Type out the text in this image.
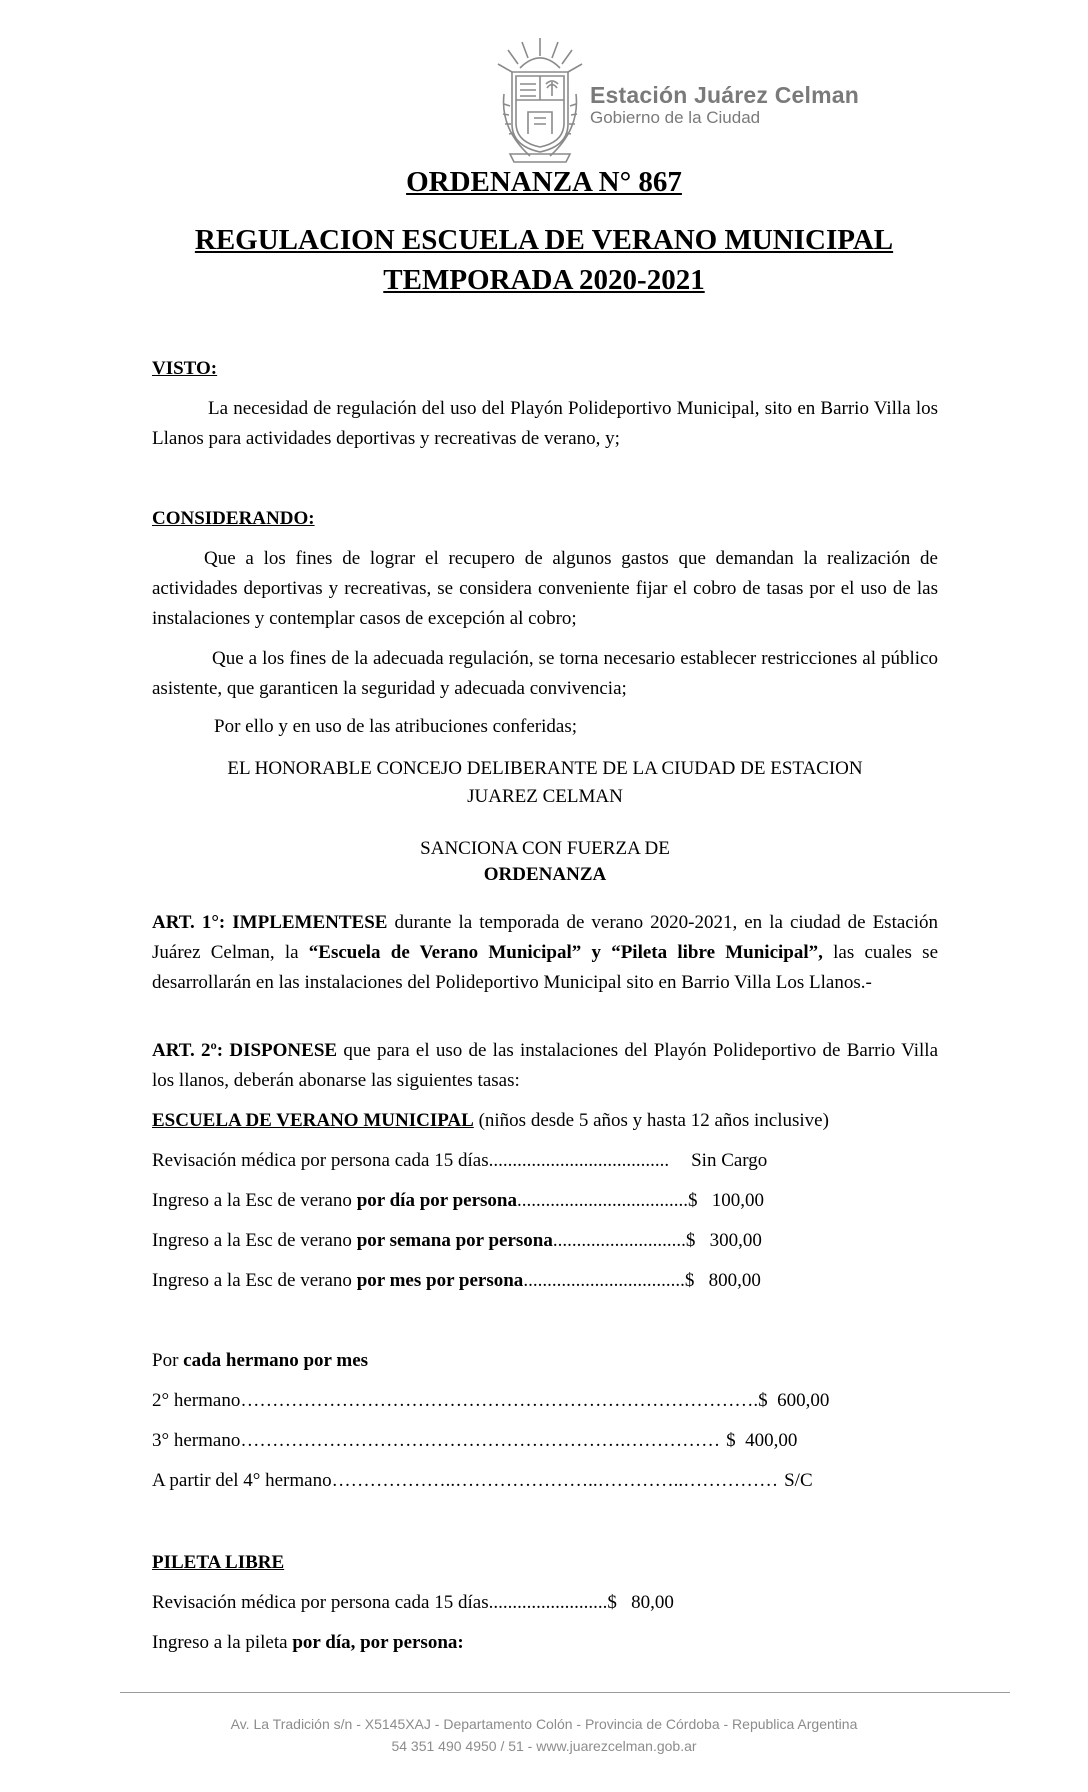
Estación Juárez Celman
Gobierno de la Ciudad
ORDENANZA N° 867
REGULACION ESCUELA DE VERANO MUNICIPAL
TEMPORADA 2020-2021
VISTO:
La necesidad de regulación del uso del Playón Polideportivo Municipal, sito en Barrio Villa los Llanos para actividades deportivas y recreativas de verano, y;
CONSIDERANDO:
Que a los fines de lograr el recupero de algunos gastos que demandan la realización de actividades deportivas y recreativas, se considera conveniente fijar el cobro de tasas por el uso de las instalaciones y contemplar casos de excepción al cobro;
Que a los fines de la adecuada regulación, se torna necesario establecer restricciones al público asistente, que garanticen la seguridad y adecuada convivencia;
Por ello y en uso de las atribuciones conferidas;
EL HONORABLE CONCEJO DELIBERANTE DE LA CIUDAD DE ESTACION
JUAREZ CELMAN
SANCIONA CON FUERZA DE
ORDENANZA
ART. 1°: IMPLEMENTESE durante la temporada de verano 2020-2021, en la ciudad de Estación Juárez Celman, la “Escuela de Verano Municipal” y “Pileta libre Municipal”, las cuales se desarrollarán en las instalaciones del Polideportivo Municipal sito en Barrio Villa Los Llanos.-
ART. 2º: DISPONESE que para el uso de las instalaciones del Playón Polideportivo de Barrio Villa los llanos, deberán abonarse las siguientes tasas:
ESCUELA DE VERANO MUNICIPAL (niños desde 5 años y hasta 12 años inclusive)
Revisación médica por persona cada 15 días...................................... Sin Cargo
Ingreso a la Esc de verano por día por persona....................................$   100,00
Ingreso a la Esc de verano por semana por persona............................$   300,00
Ingreso a la Esc de verano por mes por persona..................................$   800,00
Por cada hermano por mes
2° hermano……………………………………………………………………….$  600,00
3° hermano…………………………………………………….…………… $  400,00
A partir del 4° hermano………………..…………………..…………..…………… S/C
PILETA LIBRE
Revisación médica por persona cada 15 días.........................$   80,00
Ingreso a la pileta por día, por persona:
Av. La Tradición s/n - X5145XAJ - Departamento Colón - Provincia de Córdoba - Republica Argentina
54 351 490 4950 / 51 - www.juarezcelman.gob.ar
